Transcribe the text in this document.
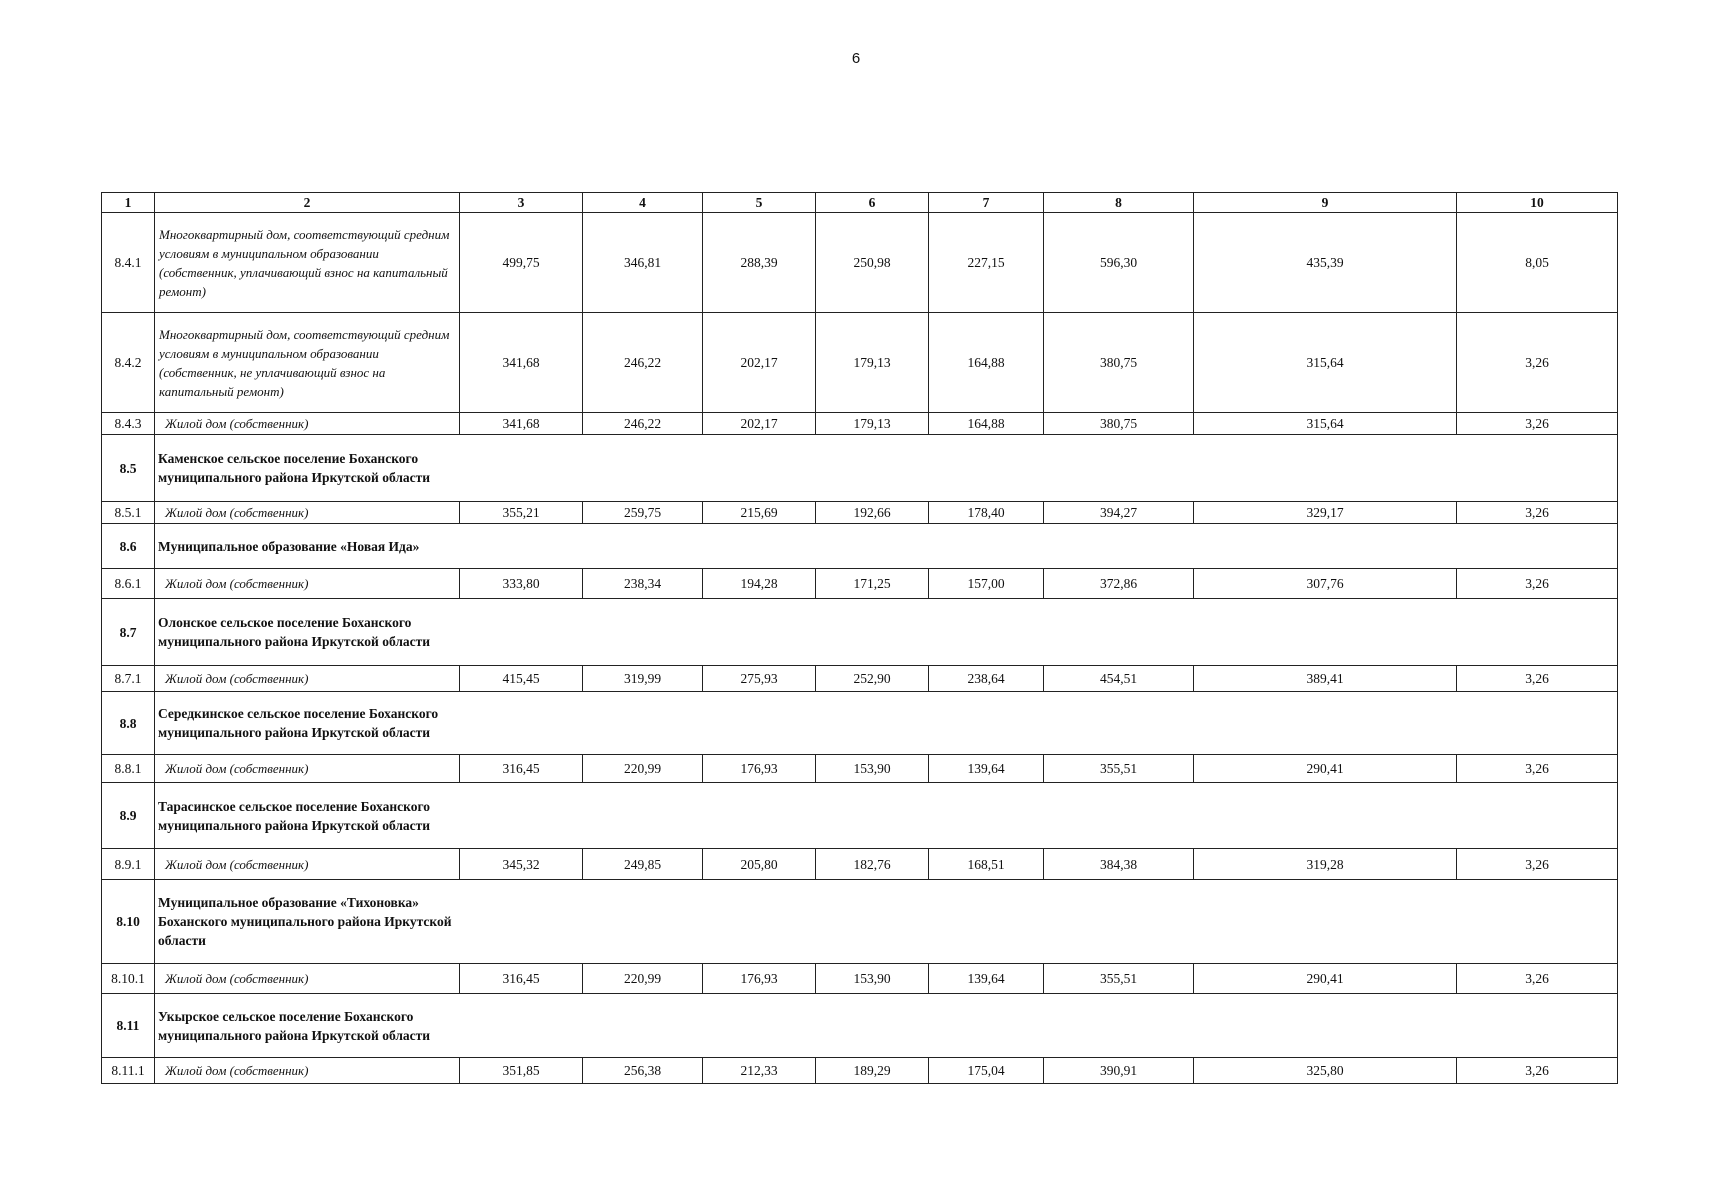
6
1	2	3	4	5	6	7	8	9	10
8.4.1	Многоквартирный дом, соответствующий средним условиям в муниципальном образовании (собственник, уплачивающий взнос на капитальный ремонт)	499,75	346,81	288,39	250,98	227,15	596,30	435,39	8,05
8.4.2	Многоквартирный дом, соответствующий средним условиям в муниципальном образовании (собственник, не уплачивающий взнос на капитальный ремонт)	341,68	246,22	202,17	179,13	164,88	380,75	315,64	3,26
8.4.3	Жилой дом (собственник)	341,68	246,22	202,17	179,13	164,88	380,75	315,64	3,26
8.5	Каменское сельское поселение Боханского муниципального района Иркутской области								
8.5.1	Жилой дом (собственник)	355,21	259,75	215,69	192,66	178,40	394,27	329,17	3,26
8.6	Муниципальное образование «Новая Ида»								
8.6.1	Жилой дом (собственник)	333,80	238,34	194,28	171,25	157,00	372,86	307,76	3,26
8.7	Олонское сельское поселение Боханского муниципального района Иркутской области								
8.7.1	Жилой дом (собственник)	415,45	319,99	275,93	252,90	238,64	454,51	389,41	3,26
8.8	Середкинское сельское поселение Боханского муниципального района Иркутской области								
8.8.1	Жилой дом (собственник)	316,45	220,99	176,93	153,90	139,64	355,51	290,41	3,26
8.9	Тарасинское сельское поселение Боханского муниципального района Иркутской области								
8.9.1	Жилой дом (собственник)	345,32	249,85	205,80	182,76	168,51	384,38	319,28	3,26
8.10	Муниципальное образование «Тихоновка» Боханского муниципального района Иркутской области								
8.10.1	Жилой дом (собственник)	316,45	220,99	176,93	153,90	139,64	355,51	290,41	3,26
8.11	Укырское сельское поселение Боханского муниципального района Иркутской области								
8.11.1	Жилой дом (собственник)	351,85	256,38	212,33	189,29	175,04	390,91	325,80	3,26
